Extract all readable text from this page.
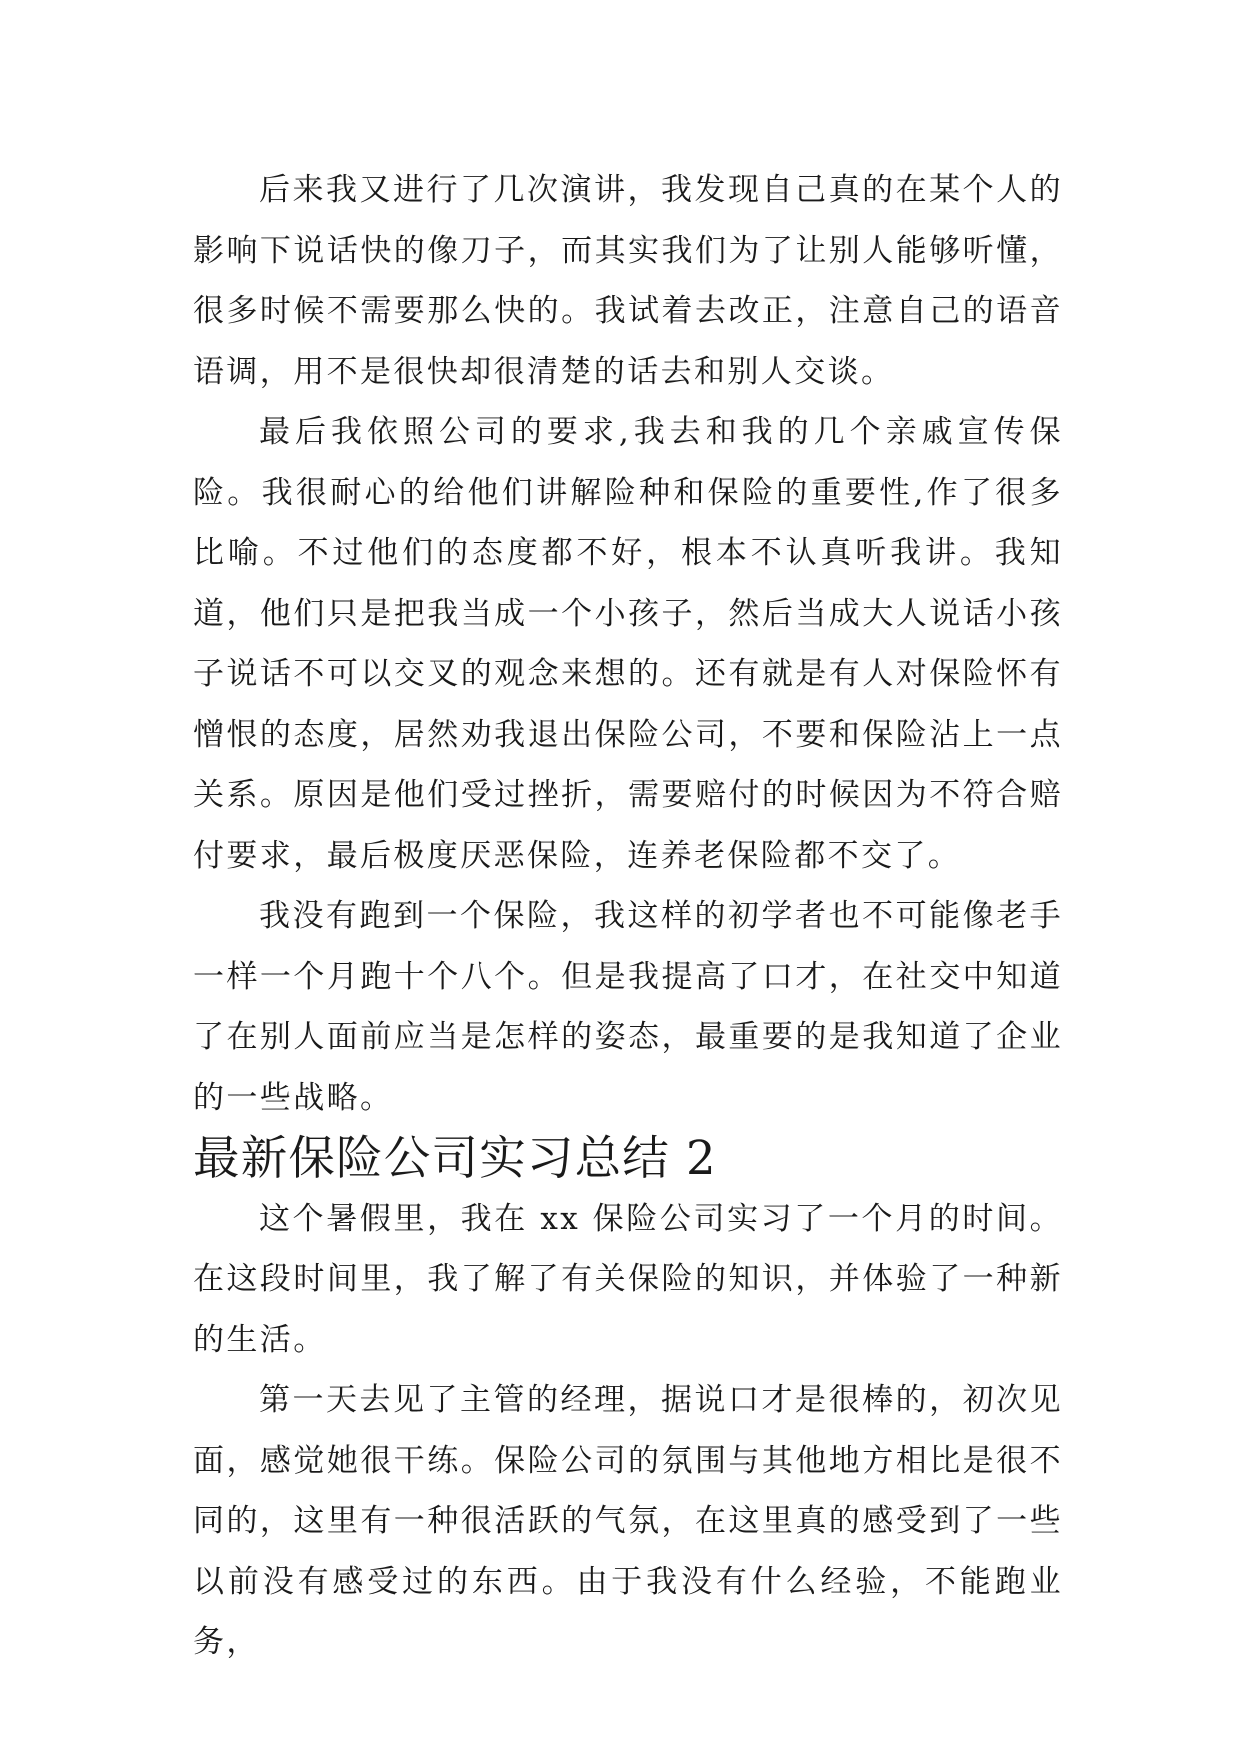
后来我又进行了几次演讲，我发现自己真的在某个人的影响下说话快的像刀子，而其实我们为了让别人能够听懂，很多时候不需要那么快的。我试着去改正，注意自己的语音语调，用不是很快却很清楚的话去和别人交谈。

最后我依照公司的要求,我去和我的几个亲戚宣传保险。我很耐心的给他们讲解险种和保险的重要性,作了很多比喻。不过他们的态度都不好，根本不认真听我讲。我知道，他们只是把我当成一个小孩子，然后当成大人说话小孩子说话不可以交叉的观念来想的。还有就是有人对保险怀有憎恨的态度，居然劝我退出保险公司，不要和保险沾上一点关系。原因是他们受过挫折，需要赔付的时候因为不符合赔付要求，最后极度厌恶保险，连养老保险都不交了。

我没有跑到一个保险，我这样的初学者也不可能像老手一样一个月跑十个八个。但是我提高了口才，在社交中知道了在别人面前应当是怎样的姿态，最重要的是我知道了企业的一些战略。

最新保险公司实习总结 2

这个暑假里，我在 xx 保险公司实习了一个月的时间。在这段时间里，我了解了有关保险的知识，并体验了一种新的生活。

第一天去见了主管的经理，据说口才是很棒的，初次见面，感觉她很干练。保险公司的氛围与其他地方相比是很不同的，这里有一种很活跃的气氛，在这里真的感受到了一些以前没有感受过的东西。由于我没有什么经验，不能跑业务，
